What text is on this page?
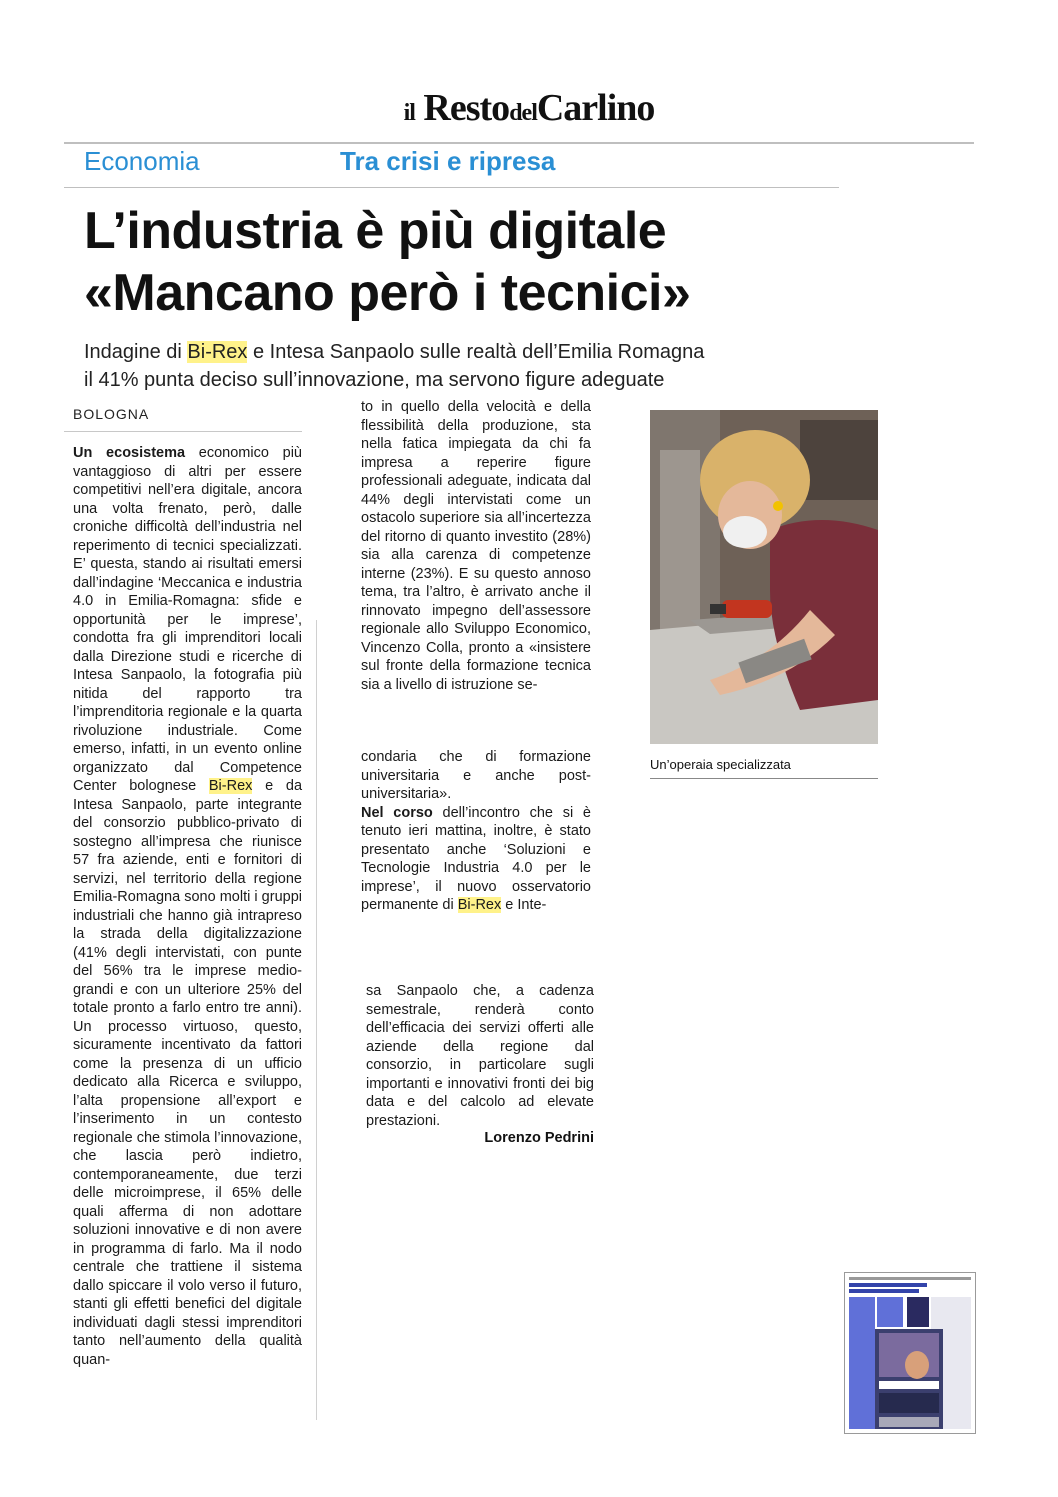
il RestodelCarlino
Economia	Tra crisi e ripresa
L’industria è più digitale
«Mancano però i tecnici»
Indagine di Bi-Rex e Intesa Sanpaolo sulle realtà dell’Emilia Romagna
il 41% punta deciso sull’innovazione, ma servono figure adeguate
BOLOGNA
Un ecosistema economico più vantaggioso di altri per essere competitivi nell’era digitale, ancora una volta frenato, però, dalle croniche difficoltà dell’industria nel reperimento di tecnici specializzati. E’ questa, stando ai risultati emersi dall’indagine ‘Meccanica e industria 4.0 in Emilia-Romagna: sfide e opportunità per le imprese’, condotta fra gli imprenditori locali dalla Direzione studi e ricerche di Intesa Sanpaolo, la fotografia più nitida del rapporto tra l’imprenditoria regionale e la quarta rivoluzione industriale. Come emerso, infatti, in un evento online organizzato dal Competence Center bolognese Bi-Rex e da Intesa Sanpaolo, parte integrante del consorzio pubblico-privato di sostegno all’impresa che riunisce 57 fra aziende, enti e fornitori di servizi, nel territorio della regione Emilia-Romagna sono molti i gruppi industriali che hanno già intrapreso la strada della digitalizzazione (41% degli intervistati, con punte del 56% tra le imprese medio-grandi e con un ulteriore 25% del totale pronto a farlo entro tre anni). Un processo virtuoso, questo, sicuramente incentivato da fattori come la presenza di un ufficio dedicato alla Ricerca e sviluppo, l’alta propensione all’export e l’inserimento in un contesto regionale che stimola l’innovazione, che lascia però indietro, contemporaneamente, due terzi delle microimprese, il 65% delle quali afferma di non adottare soluzioni innovative e di non avere in programma di farlo. Ma il nodo centrale che trattiene il sistema dallo spiccare il volo verso il futuro, stanti gli effetti benefici del digitale individuati dagli stessi imprenditori tanto nell’aumento della qualità quan-
to in quello della velocità e della flessibilità della produzione, sta nella fatica impiegata da chi fa impresa a reperire figure professionali adeguate, indicata dal 44% degli intervistati come un ostacolo superiore sia all’incertezza del ritorno di quanto investito (28%) sia alla carenza di competenze interne (23%). E su questo annoso tema, tra l’altro, è arrivato anche il rinnovato impegno dell’assessore regionale allo Sviluppo Economico, Vincenzo Colla, pronto a «insistere sul fronte della formazione tecnica sia a livello di istruzione se-
condaria che di formazione universitaria e anche post-universitaria».
Nel corso dell’incontro che si è tenuto ieri mattina, inoltre, è stato presentato anche ‘Soluzioni e Tecnologie Industria 4.0 per le imprese’, il nuovo osservatorio permanente di Bi-Rex e Inte-
sa Sanpaolo che, a cadenza semestrale, renderà conto dell’efficacia dei servizi offerti alle aziende della regione dal consorzio, in particolare sugli importanti e innovativi fronti dei big data e del calcolo ad elevate prestazioni.
Lorenzo Pedrini
Un’operaia specializzata
